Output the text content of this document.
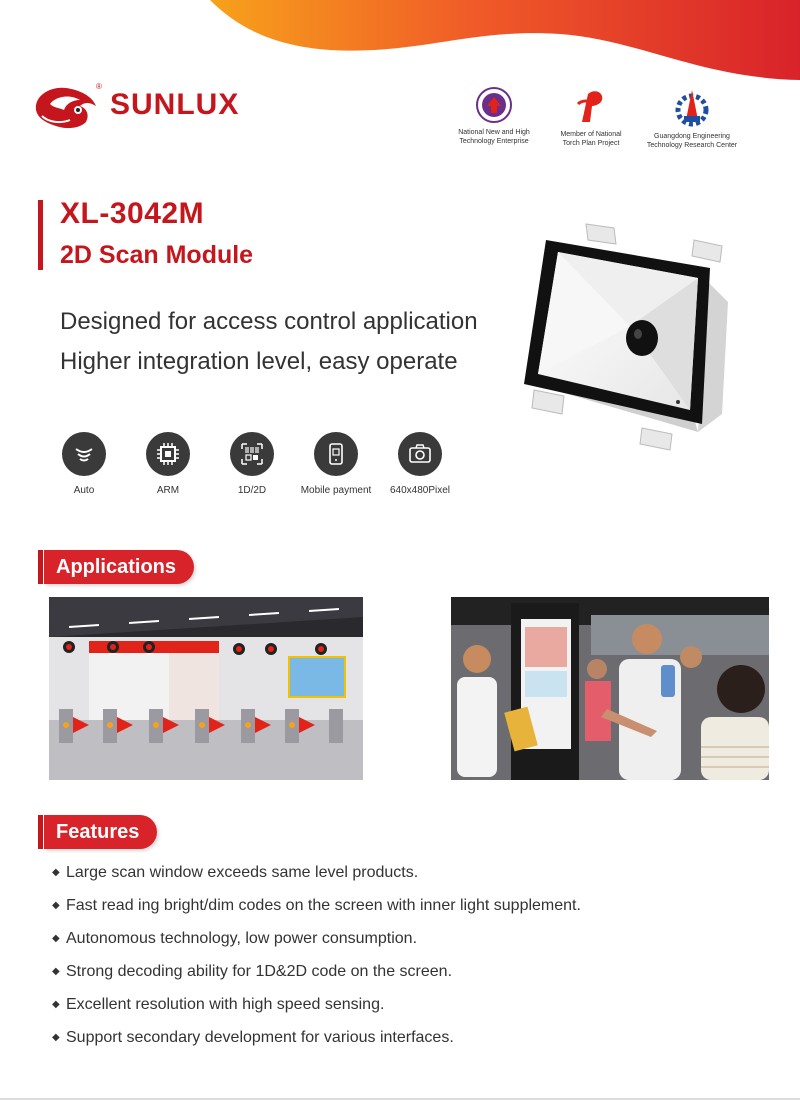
®
SUNLUX
National New and High
Technology Enterprise
Member of National
Torch Plan Project
Guangdong Engineering
Technology Research Center
XL-3042M
2D Scan Module
Designed for access control application
Higher integration level, easy operate
Auto	ARM	1D/2D	Mobile payment	640x480Pixel
Applications
Features
◆ Large scan window exceeds same level products.
◆ Fast read ing bright/dim codes on the screen with inner light supplement.
◆ Autonomous technology, low power consumption.
◆ Strong decoding ability for 1D&2D code on the screen.
◆ Excellent resolution with high speed sensing.
◆ Support secondary development for various interfaces.
